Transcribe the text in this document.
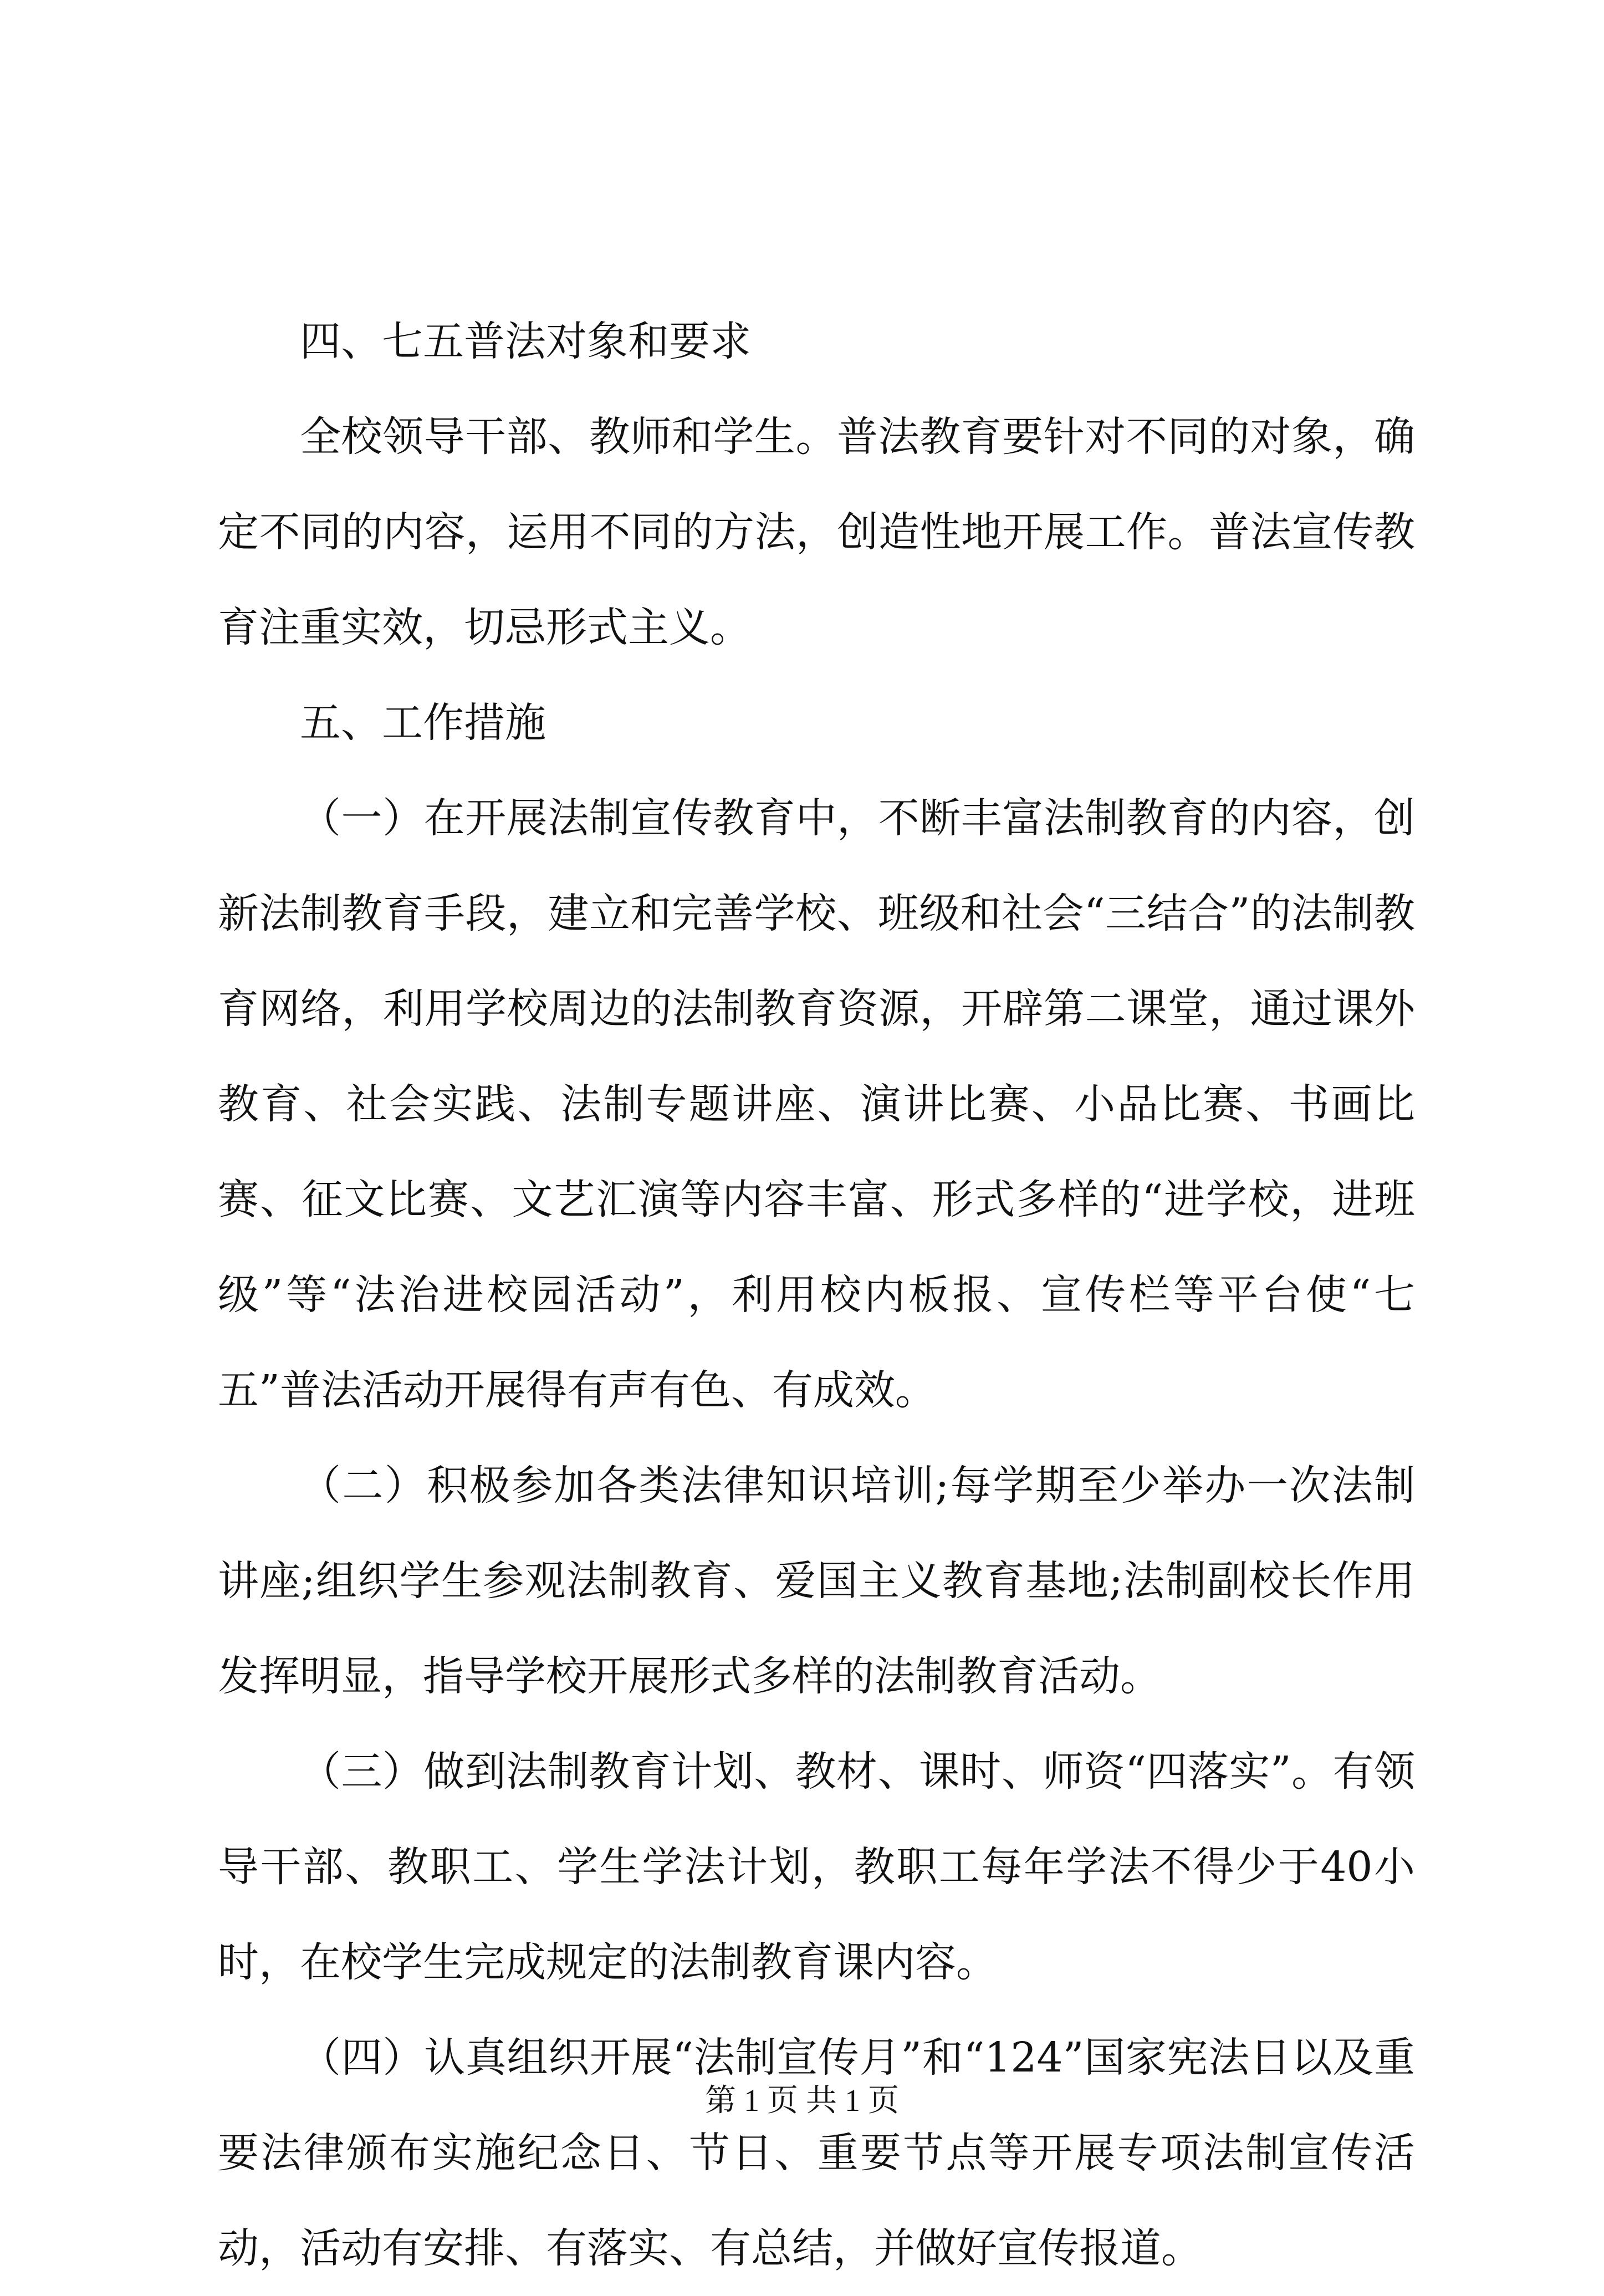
四、七五普法对象和要求

全校领导干部、教师和学生。普法教育要针对不同的对象，确定不同的内容，运用不同的方法，创造性地开展工作。普法宣传教育注重实效，切忌形式主义。

五、工作措施

（一）在开展法制宣传教育中，不断丰富法制教育的内容，创新法制教育手段，建立和完善学校、班级和社会“三结合”的法制教育网络，利用学校周边的法制教育资源，开辟第二课堂，通过课外教育、社会实践、法制专题讲座、演讲比赛、小品比赛、书画比赛、征文比赛、文艺汇演等内容丰富、形式多样的“进学校，进班级”等“法治进校园活动”，利用校内板报、宣传栏等平台使“七五”普法活动开展得有声有色、有成效。

（二）积极参加各类法律知识培训;每学期至少举办一次法制讲座;组织学生参观法制教育、爱国主义教育基地;法制副校长作用发挥明显，指导学校开展形式多样的法制教育活动。

（三）做到法制教育计划、教材、课时、师资“四落实”。有领导干部、教职工、学生学法计划，教职工每年学法不得少于40小时，在校学生完成规定的法制教育课内容。

（四）认真组织开展“法制宣传月”和“124”国家宪法日以及重要法律颁布实施纪念日、节日、重要节点等开展专项法制宣传活动，活动有安排、有落实、有总结，并做好宣传报道。

第 1 页 共 1 页
